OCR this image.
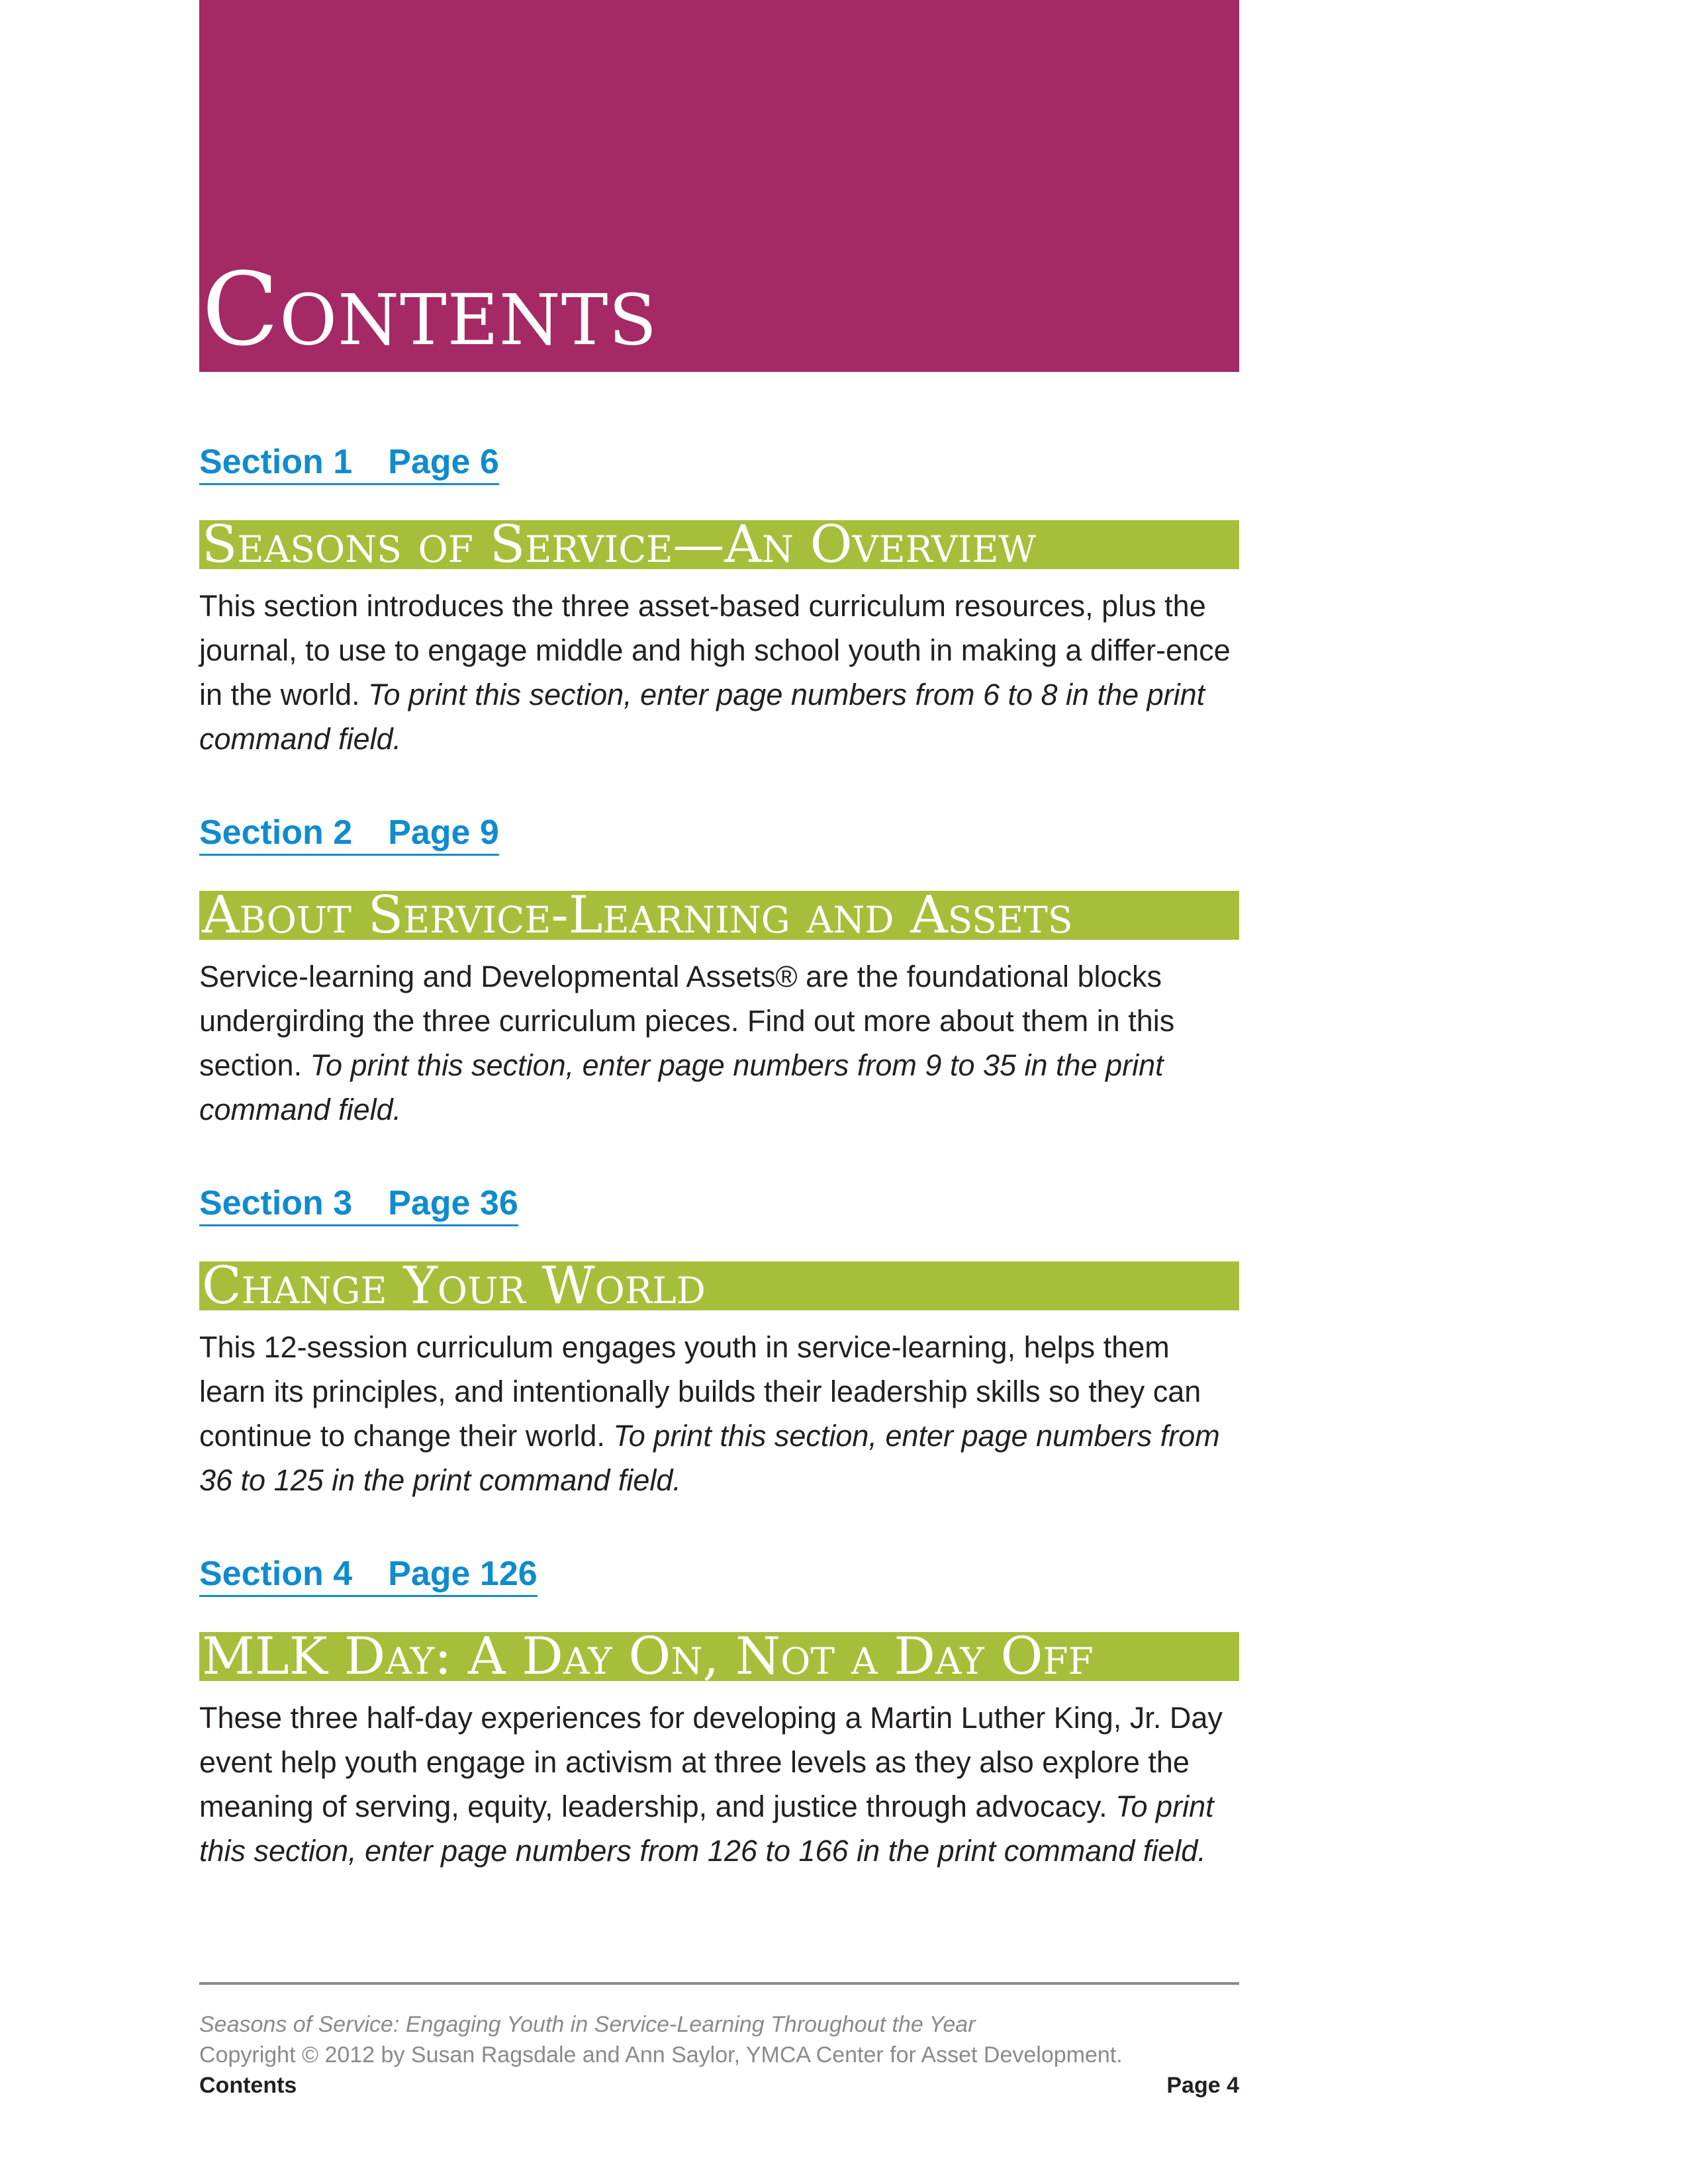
Contents
Section 1 Page 6
Seasons of Service—An Overview

This section introduces the three asset-based curriculum resources, plus the journal, to use to engage middle and high school youth in making a differ-ence in the world. To print this section, enter page numbers from 6 to 8 in the print command field.

Section 2 Page 9
About Service-Learning and Assets

Service-learning and Developmental Assets® are the foundational blocks undergirding the three curriculum pieces. Find out more about them in this section. To print this section, enter page numbers from 9 to 35 in the print command field.

Section 3 Page 36
Change Your World

This 12-session curriculum engages youth in service-learning, helps them learn its principles, and intentionally builds their leadership skills so they can continue to change their world. To print this section, enter page numbers from 36 to 125 in the print command field.

Section 4 Page 126
MLK Day: A Day On, Not a Day Off

These three half-day experiences for developing a Martin Luther King, Jr. Day event help youth engage in activism at three levels as they also explore the meaning of serving, equity, leadership, and justice through advocacy. To print this section, enter page numbers from 126 to 166 in the print command field.

Seasons of Service: Engaging Youth in Service-Learning Throughout the Year
Copyright © 2012 by Susan Ragsdale and Ann Saylor, YMCA Center for Asset Development.
Contents	Page 4
